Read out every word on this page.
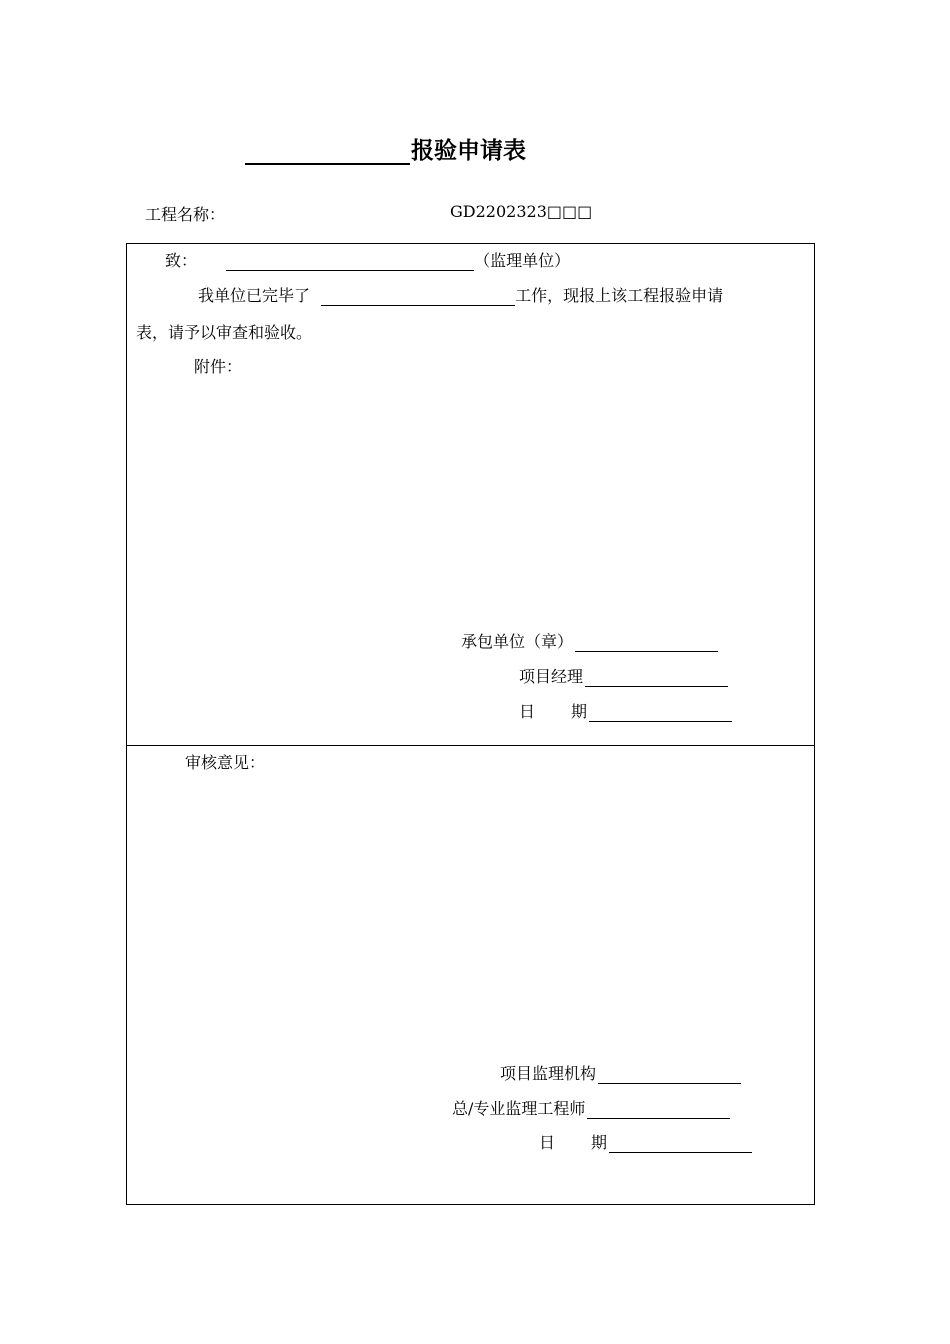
报验申请表
工程名称：	GD2202323□□□
致：	（监理单位）
我单位已完毕了	工作，现报上该工程报验申请
表，请予以审查和验收。
附件：
承包单位（章）
项目经理
日 期
审核意见：
项目监理机构
总/专业监理工程师
日 期
